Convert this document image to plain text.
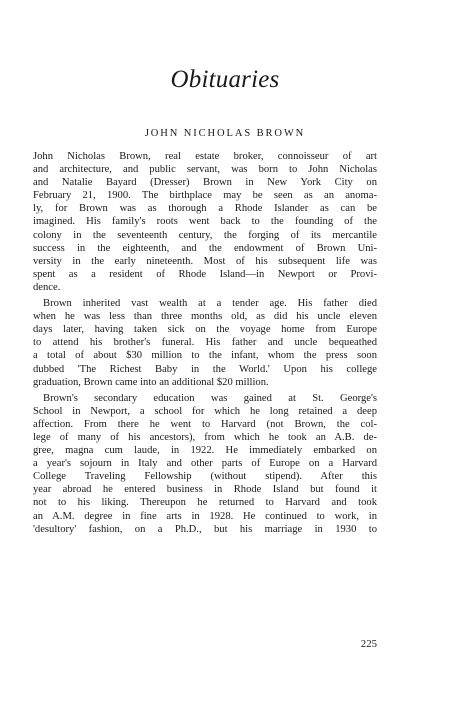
Obituaries
JOHN NICHOLAS BROWN
John Nicholas Brown, real estate broker, connoisseur of art
and architecture, and public servant, was born to John Nicholas
and Natalie Bayard (Dresser) Brown in New York City on
February 21, 1900. The birthplace may be seen as an anoma-
ly, for Brown was as thorough a Rhode Islander as can be
imagined. His family's roots went back to the founding of the
colony in the seventeenth century, the forging of its mercantile
success in the eighteenth, and the endowment of Brown Uni-
versity in the early nineteenth. Most of his subsequent life was
spent as a resident of Rhode Island—in Newport or Provi-
dence.
Brown inherited vast wealth at a tender age. His father died
when he was less than three months old, as did his uncle eleven
days later, having taken sick on the voyage home from Europe
to attend his brother's funeral. His father and uncle bequeathed
a total of about $30 million to the infant, whom the press soon
dubbed 'The Richest Baby in the World.' Upon his college
graduation, Brown came into an additional $20 million.
Brown's secondary education was gained at St. George's
School in Newport, a school for which he long retained a deep
affection. From there he went to Harvard (not Brown, the col-
lege of many of his ancestors), from which he took an A.B. de-
gree, magna cum laude, in 1922. He immediately embarked on
a year's sojourn in Italy and other parts of Europe on a Harvard
College Traveling Fellowship (without stipend). After this
year abroad he entered business in Rhode Island but found it
not to his liking. Thereupon he returned to Harvard and took
an A.M. degree in fine arts in 1928. He continued to work, in
'desultory' fashion, on a Ph.D., but his marriage in 1930 to
225
